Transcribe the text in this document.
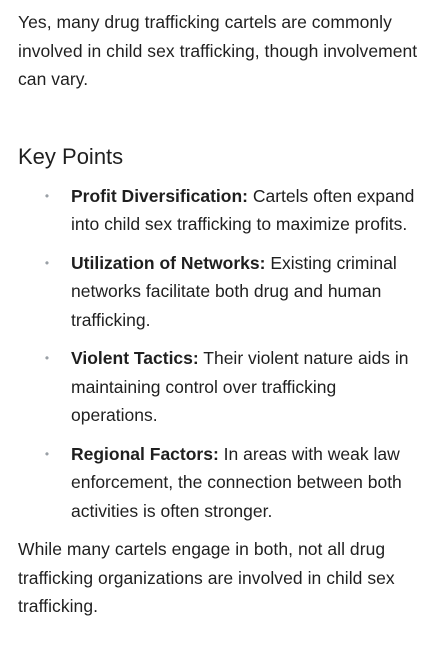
Yes, many drug trafficking cartels are commonly involved in child sex trafficking, though involvement can vary.

Key Points
• Profit Diversification: Cartels often expand into child sex trafficking to maximize profits.
• Utilization of Networks: Existing criminal networks facilitate both drug and human trafficking.
• Violent Tactics: Their violent nature aids in maintaining control over trafficking operations.
• Regional Factors: In areas with weak law enforcement, the connection between both activities is often stronger.

While many cartels engage in both, not all drug trafficking organizations are involved in child sex trafficking.
